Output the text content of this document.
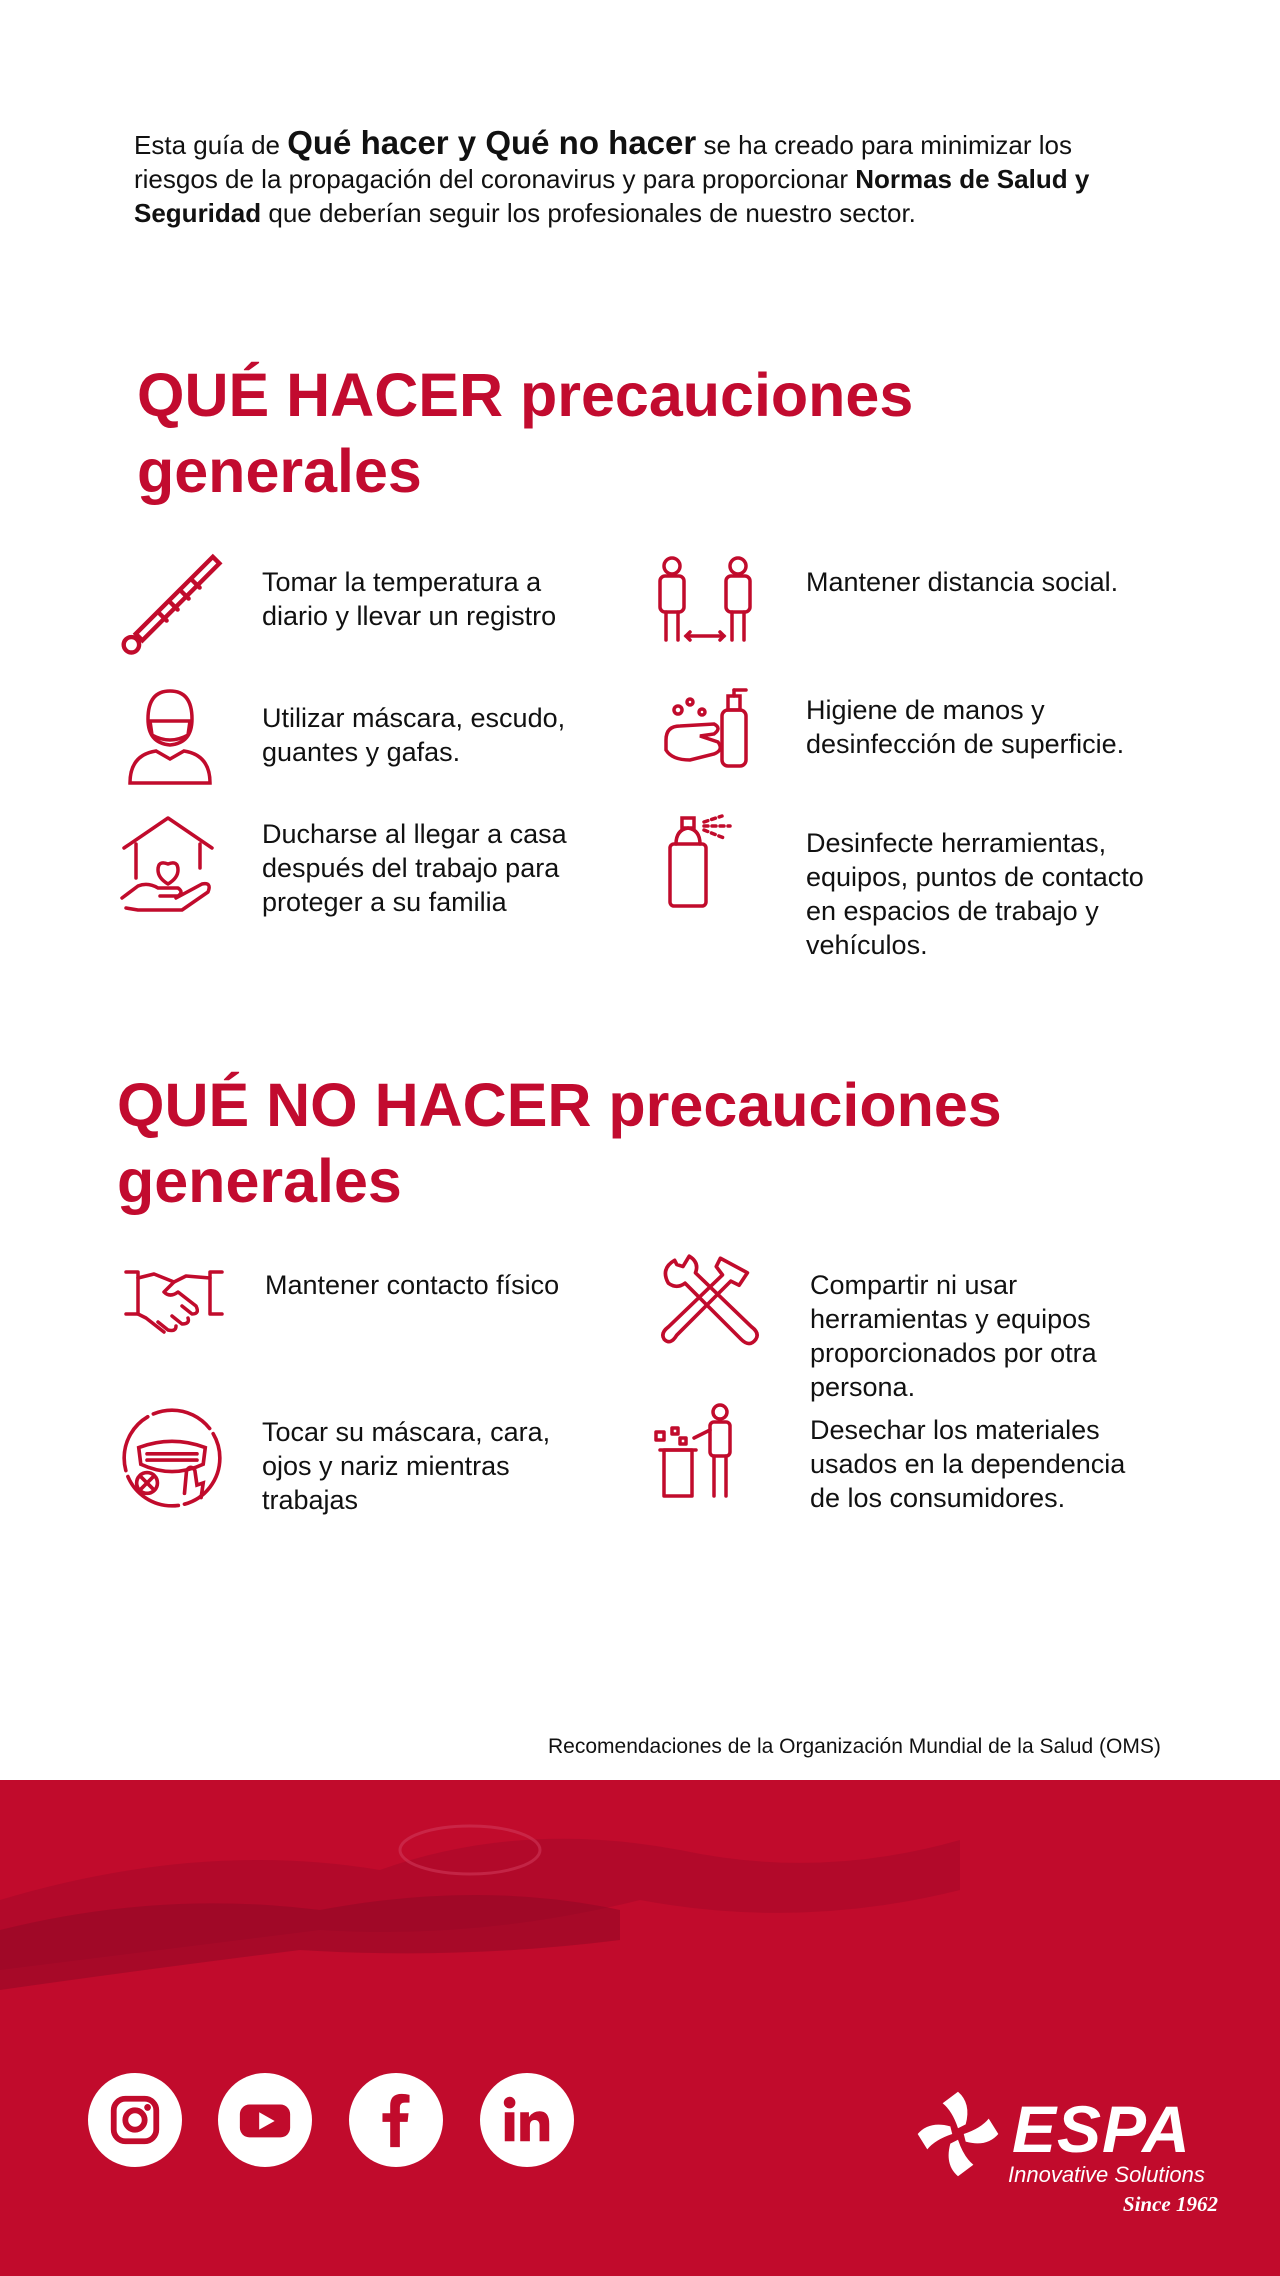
Esta guía de Qué hacer y Qué no hacer se ha creado para minimizar los riesgos de la propagación del coronavirus y para proporcionar Normas de Salud y Seguridad que deberían seguir los profesionales de nuestro sector.
QUÉ HACER precauciones generales
Tomar la temperatura a diario y llevar un registro
Mantener distancia social.
Utilizar máscara, escudo, guantes y gafas.
Higiene de manos y desinfección de superficie.
Ducharse al llegar a casa después del trabajo para proteger a su familia
Desinfecte herramientas, equipos, puntos de contacto en espacios de trabajo y vehículos.
QUÉ NO HACER precauciones generales
Mantener contacto físico	Compartir ni usar herramientas y equipos proporcionados por otra persona.
Tocar su máscara, cara, ojos y nariz mientras trabajas
Desechar los materiales usados en la dependencia de los consumidores.
Recomendaciones de la Organización Mundial de la Salud (OMS)
ESPA
Innovative Solutions
Since 1962
